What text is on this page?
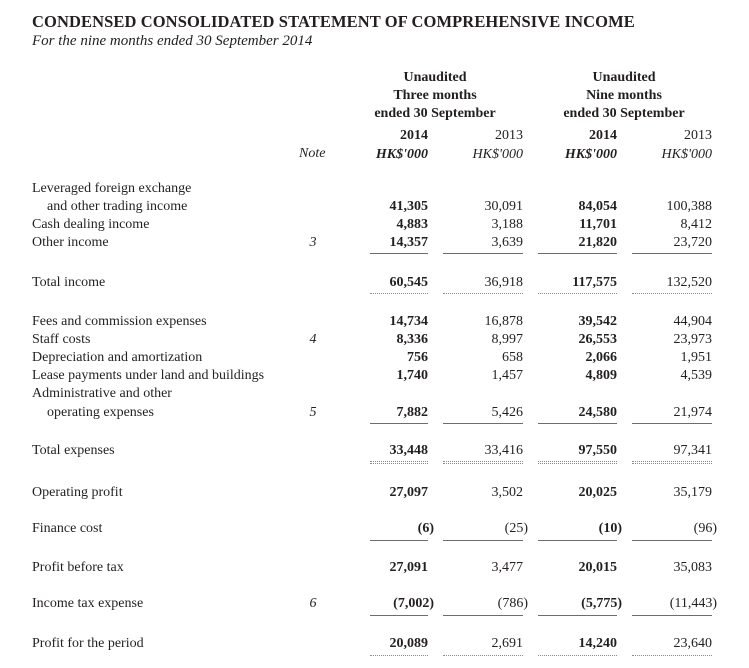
CONDENSED CONSOLIDATED STATEMENT OF COMPREHENSIVE INCOME
For the nine months ended 30 September 2014
Unaudited
Three months
ended 30 September
Unaudited
Nine months
ended 30 September
Note
2014	2013	2014	2013
HK$'000	HK$'000	HK$'000	HK$'000
Leveraged foreign exchange
and other trading income	41,305	30,091	84,054	100,388
Cash dealing income	4,883	3,188	11,701	8,412
Other income	3	14,357	3,639	21,820	23,720
Total income	60,545	36,918	117,575	132,520
Fees and commission expenses	14,734	16,878	39,542	44,904
Staff costs	4	8,336	8,997	26,553	23,973
Depreciation and amortization	756	658	2,066	1,951
Lease payments under land and buildings	1,740	1,457	4,809	4,539
Administrative and other
operating expenses	5	7,882	5,426	24,580	21,974
Total expenses	33,448	33,416	97,550	97,341
Operating profit	27,097	3,502	20,025	35,179
Finance cost	(6)	(25)	(10)	(96)
Profit before tax	27,091	3,477	20,015	35,083
Income tax expense	6	(7,002)	(786)	(5,775)	(11,443)
Profit for the period	20,089	2,691	14,240	23,640
